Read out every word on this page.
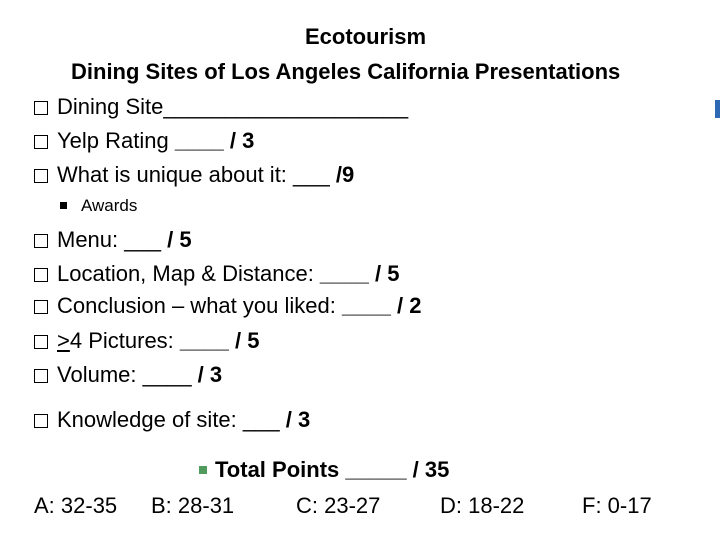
Ecotourism
Dining Sites of Los Angeles California Presentations
Dining Site____________________
Yelp Rating ____ / 3
What is unique about it: ___ /9
Awards
Menu: ___ / 5
Location, Map & Distance: ____ / 5
Conclusion – what you liked: ____ / 2
>4 Pictures: ____ / 5
Volume: ____ / 3
Knowledge of site: ___ / 3
Total Points _____ / 35
A: 32-35 B: 28-31	C: 23-27	D: 18-22	F: 0-17
